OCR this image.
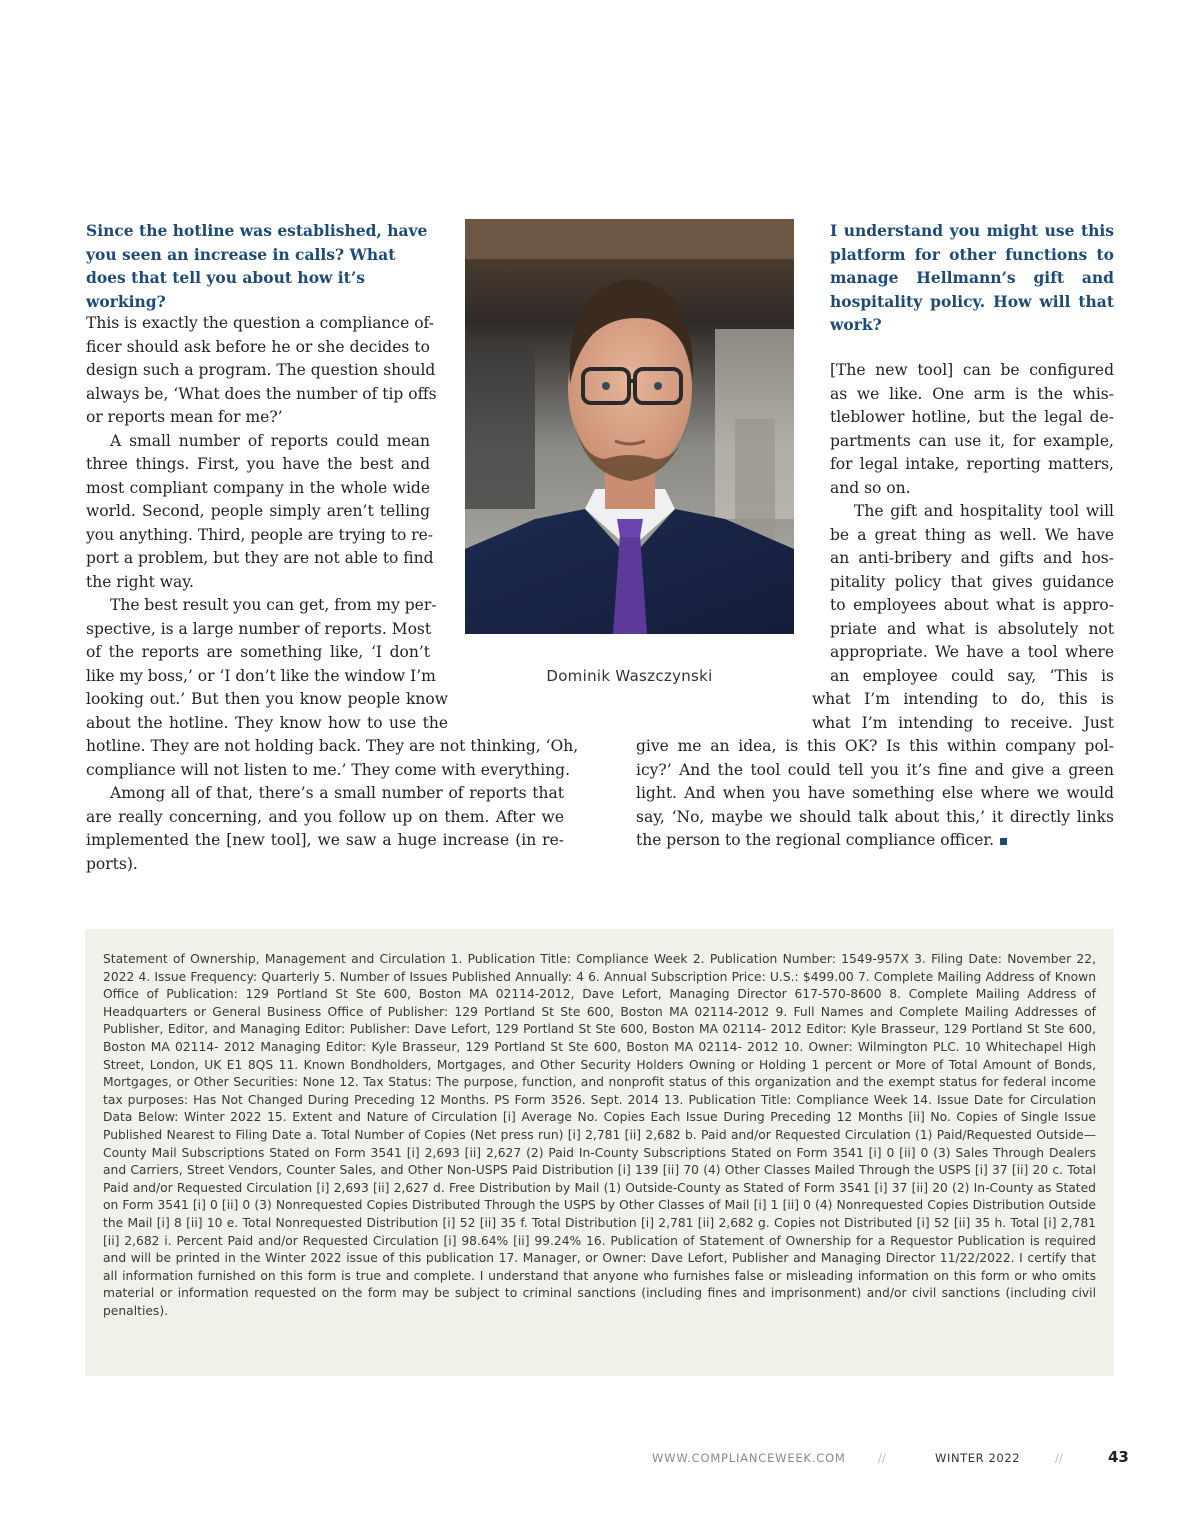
Since the hotline was established, have you seen an increase in calls? What does that tell you about how it’s working?

This is exactly the question a compliance of-
ficer should ask before he or she decides to
design such a program. The question should
always be, ‘What does the number of tip offs
or reports mean for me?’
A small number of reports could mean
three things. First, you have the best and
most compliant company in the whole wide
world. Second, people simply aren’t telling
you anything. Third, people are trying to re-
port a problem, but they are not able to find
the right way.
The best result you can get, from my per-
spective, is a large number of reports. Most
of the reports are something like, ‘I don’t
like my boss,’ or ‘I don’t like the window I’m
looking out.’ But then you know people know
about the hotline. They know how to use the
hotline. They are not holding back. They are not thinking, ‘Oh,
compliance will not listen to me.’ They come with everything.
Among all of that, there’s a small number of reports that
are really concerning, and you follow up on them. After we
implemented the [new tool], we saw a huge increase (in re-
ports).
Dominik Waszczynski

I understand you might use this platform for other functions to manage Hellmann’s gift and hospitality policy. How will that work?

[The new tool] can be configured
as we like. One arm is the whis-
tleblower hotline, but the legal de-
partments can use it, for example,
for legal intake, reporting matters,
and so on.
The gift and hospitality tool will
be a great thing as well. We have
an anti-bribery and gifts and hos-
pitality policy that gives guidance
to employees about what is appro-
priate and what is absolutely not
appropriate. We have a tool where
an employee could say, ‘This is
what I’m intending to do, this is
what I’m intending to receive. Just
give me an idea, is this OK? Is this within company pol-
icy?’ And the tool could tell you it’s fine and give a green
light. And when you have something else where we would
say, ‘No, maybe we should talk about this,’ it directly links
the person to the regional compliance officer.

Statement of Ownership, Management and Circulation 1. Publication Title: Compliance Week 2. Publication Number: 1549-957X 3. Filing Date: November 22, 2022 4. Issue Frequency: Quarterly 5. Number of Issues Published Annually: 4 6. Annual Subscription Price: U.S.: $499.00 7. Complete Mailing Address of Known Office of Publication: 129 Portland St Ste 600, Boston MA 02114-2012, Dave Lefort, Managing Director 617-570-8600 8. Complete Mailing Address of Headquarters or General Business Office of Publisher: 129 Portland St Ste 600, Boston MA 02114-2012 9. Full Names and Complete Mailing Addresses of Publisher, Editor, and Managing Editor: Publisher: Dave Lefort, 129 Portland St Ste 600, Boston MA 02114- 2012 Editor: Kyle Brasseur, 129 Portland St Ste 600, Boston MA 02114- 2012 Managing Editor: Kyle Brasseur, 129 Portland St Ste 600, Boston MA 02114- 2012 10. Owner: Wilmington PLC. 10 Whitechapel High Street, London, UK E1 8QS 11. Known Bondholders, Mortgages, and Other Security Holders Owning or Holding 1 percent or More of Total Amount of Bonds, Mortgages, or Other Securities: None 12. Tax Status: The purpose, function, and nonprofit status of this organization and the exempt status for federal income tax purposes: Has Not Changed During Preceding 12 Months. PS Form 3526. Sept. 2014 13. Publication Title: Compliance Week 14. Issue Date for Circulation Data Below: Winter 2022 15. Extent and Nature of Circulation [i] Average No. Copies Each Issue During Preceding 12 Months [ii] No. Copies of Single Issue Published Nearest to Filing Date a. Total Number of Copies (Net press run) [i] 2,781 [ii] 2,682 b. Paid and/or Requested Circulation (1) Paid/Requested Outside—County Mail Subscriptions Stated on Form 3541 [i] 2,693 [ii] 2,627 (2) Paid In-County Subscriptions Stated on Form 3541 [i] 0 [ii] 0 (3) Sales Through Dealers and Carriers, Street Vendors, Counter Sales, and Other Non-USPS Paid Distribution [i] 139 [ii] 70 (4) Other Classes Mailed Through the USPS [i] 37 [ii] 20 c. Total Paid and/or Requested Circulation [i] 2,693 [ii] 2,627 d. Free Distribution by Mail (1) Outside-County as Stated of Form 3541 [i] 37 [ii] 20 (2) In-County as Stated on Form 3541 [i] 0 [ii] 0 (3) Nonrequested Copies Distributed Through the USPS by Other Classes of Mail [i] 1 [ii] 0 (4) Nonrequested Copies Distribution Outside the Mail [i] 8 [ii] 10 e. Total Nonrequested Distribution [i] 52 [ii] 35 f. Total Distribution [i] 2,781 [ii] 2,682 g. Copies not Distributed [i] 52 [ii] 35 h. Total [i] 2,781 [ii] 2,682 i. Percent Paid and/or Requested Circulation [i] 98.64% [ii] 99.24% 16. Publication of Statement of Ownership for a Requestor Publication is required and will be printed in the Winter 2022 issue of this publication 17. Manager, or Owner: Dave Lefort, Publisher and Managing Director 11/22/2022. I certify that all information furnished on this form is true and complete. I understand that anyone who furnishes false or misleading information on this form or who omits material or information requested on the form may be subject to criminal sanctions (including fines and imprisonment) and/or civil sanctions (including civil penalties).

WWW.COMPLIANCEWEEK.COM	//	WINTER 2022	//	43
